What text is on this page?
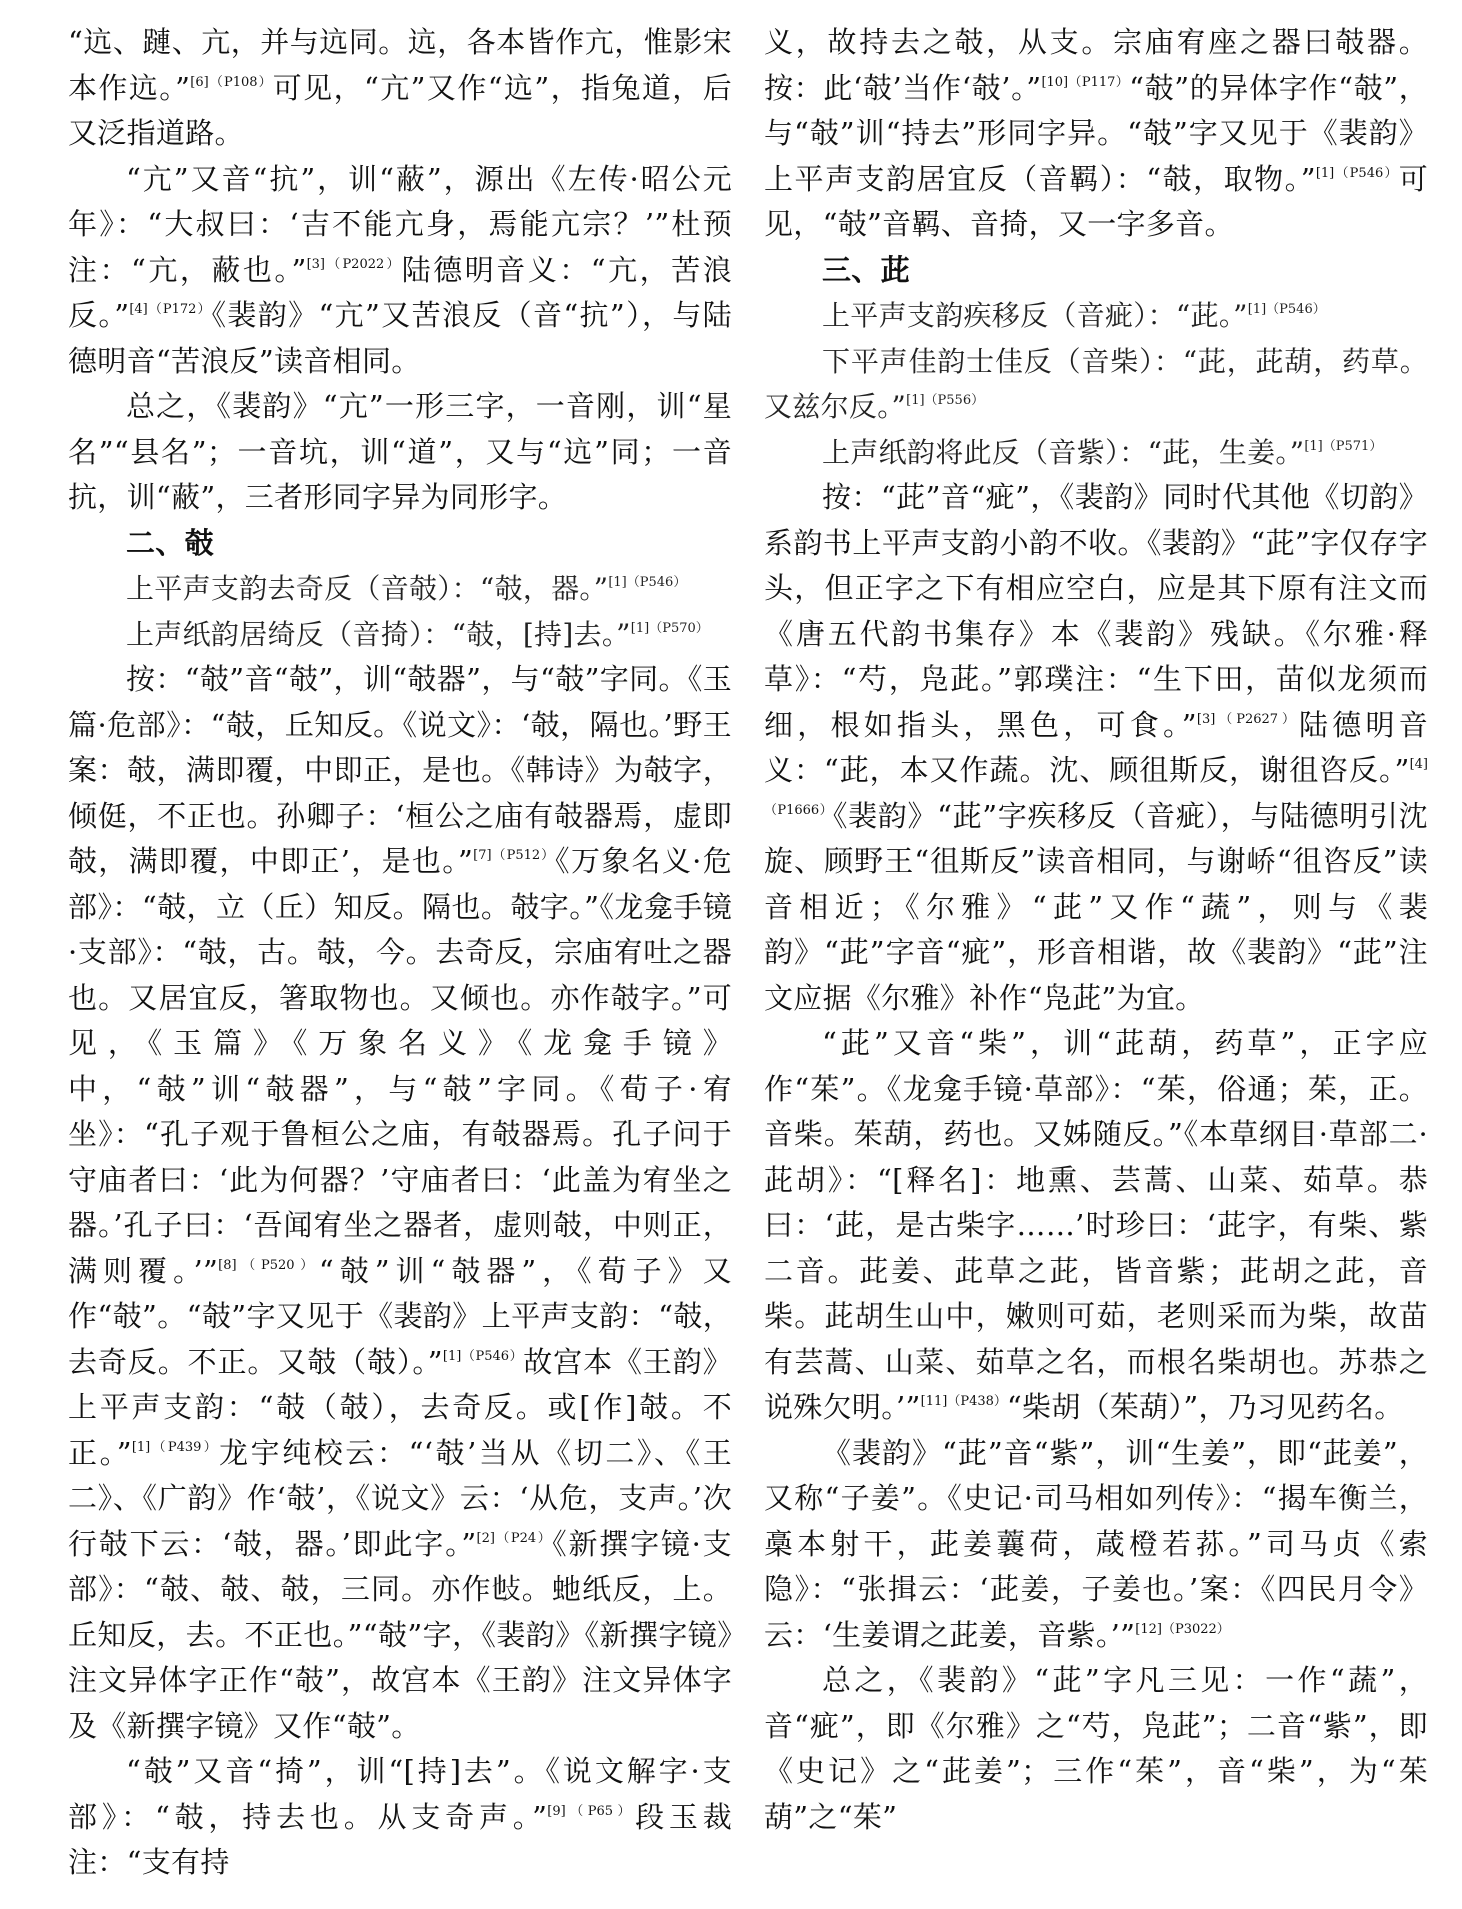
“迒、蹥、亢，并与迒同。迒，各本皆作亢，惟影宋本作迒。”$^{[6](P108)}$可见，“亢”又作“迒”，指兔道，后又泛指道路。

“亢”又音“抗”，训“蔽”，源出《左传·昭公元年》：“大叔曰：‘吉不能亢身，焉能亢宗？’”杜预注：“亢，蔽也。”$^{[3](P2022)}$陆德明音义：“亢，苦浪反。”$^{[4](P172)}$《裴韵》“亢”又苦浪反（音“抗”），与陆德明音“苦浪反”读音相同。

总之，《裴韵》“亢”一形三字，一音刚，训“星名”“县名”；一音坑，训“道”，又与“迒”同；一音抗，训“蔽”，三者形同字异为同形字。

二、攲

上平声支韵去奇反（音攲）：“攲，器。”$^{[1](P546)}$

上声纸韵居绮反（音掎）：“攲，[持]去。”$^{[1](P570)}$

按：“攲”音“攲”，训“攲器”，与“攲”字同。《玉篇·危部》：“攲，丘知反。《说文》：‘攲，隔也。’野王案：攲，满即覆，中即正，是也。《韩诗》为攲字，倾侹，不正也。孙卿子：‘桓公之庙有攲器焉，虚即攲，满即覆，中即正’，是也。”$^{[7](P512)}$《万象名义·危部》：“攲，立（丘）知反。隔也。攲字。”《龙龛手镜·支部》：“攲，古。攲，今。去奇反，宗庙宥吐之器也。又居宜反，箸取物也。又倾也。亦作攲字。”可见，《玉篇》《万象名义》《龙龛手镜》中，“攲”训“攲器”，与“攲”字同。《荀子·宥坐》：“孔子观于鲁桓公之庙，有攲器焉。孔子问于守庙者曰：‘此为何器？’守庙者曰：‘此盖为宥坐之器。’孔子曰：‘吾闻宥坐之器者，虚则攲，中则正，满则覆。’”$^{[8](P520)}$“攲”训“攲器”，《荀子》又作“攲”。“攲”字又见于《裴韵》上平声支韵：“攲，去奇反。不正。又攲（攲）。”$^{[1](P546)}$故宫本《王韵》上平声支韵：“攲（攲），去奇反。或[作]攲。不正。”$^{[1](P439)}$龙宇纯校云：“‘攲’当从《切二》、《王二》、《广韵》作‘攲’，《说文》云：‘从危，支声。’次行攲下云：‘攲，器。’即此字。”$^{[2](P24)}$《新撰字镜·支部》：“攲、攲、攲，三同。亦作𢻫。虵纸反，上。丘知反，去。不正也。”“攲”字，《裴韵》《新撰字镜》注文异体字正作“攲”，故宫本《王韵》注文异体字及《新撰字镜》又作“攲”。

“攲”又音“掎”，训“[持]去”。《说文解字·支部》：“攲，持去也。从支奇声。”$^{[9](P65)}$段玉裁注：“支有持

义，故持去之攲，从支。宗庙宥座之器曰攲器。按：此‘攲’当作‘攲’。”$^{[10](P117)}$“攲”的异体字作“攲”，与“攲”训“持去”形同字异。“攲”字又见于《裴韵》上平声支韵居宜反（音羁）：“攲，取物。”$^{[1](P546)}$可见，“攲”音羁、音掎，又一字多音。

三、茈

上平声支韵疾移反（音疵）：“茈。”$^{[1](P546)}$

下平声佳韵士佳反（音柴）：“茈，茈葫，药草。又兹尔反。”$^{[1](P556)}$

上声纸韵将此反（音紫）：“茈，生姜。”$^{[1](P571)}$

按：“茈”音“疵”，《裴韵》同时代其他《切韵》系韵书上平声支韵小韵不收。《裴韵》“茈”字仅存字头，但正字之下有相应空白，应是其下原有注文而《唐五代韵书集存》本《裴韵》残缺。《尔雅·释草》：“芍，凫茈。”郭璞注：“生下田，苗似龙须而细，根如指头，黑色，可食。”$^{[3](P2627)}$陆德明音义：“茈，本又作蔬。沈、顾徂斯反，谢徂咨反。”$^{[4](P1666)}$《裴韵》“茈”字疾移反（音疵），与陆德明引沈旋、顾野王“徂斯反”读音相同，与谢峤“徂咨反”读音相近；《尔雅》“茈”又作“蔬”，则与《裴韵》“茈”字音“疵”，形音相谐，故《裴韵》“茈”注文应据《尔雅》补作“凫茈”为宜。

“茈”又音“柴”，训“茈葫，药草”，正字应作“茱”。《龙龛手镜·草部》：“茱，俗通；茱，正。音柴。茱葫，药也。又姊随反。”《本草纲目·草部二·茈胡》：“[释名]：地熏、芸蒿、山菜、茹草。恭曰：‘茈，是古柴字……’时珍曰：‘茈字，有柴、紫二音。茈姜、茈草之茈，皆音紫；茈胡之茈，音柴。茈胡生山中，嫩则可茹，老则采而为柴，故苗有芸蒿、山菜、茹草之名，而根名柴胡也。苏恭之说殊欠明。’”$^{[11](P438)}$“柴胡（茱葫）”，乃习见药名。

《裴韵》“茈”音“紫”，训“生姜”，即“茈姜”，又称“子姜”。《史记·司马相如列传》：“揭车衡兰，槀本射干，茈姜蘘荷，葴橙若荪。”司马贞《索隐》：“张揖云：‘茈姜，子姜也。’案：《四民月令》云：‘生姜谓之茈姜，音紫。’”$^{[12](P3022)}$

总之，《裴韵》“茈”字凡三见：一作“蔬”，音“疵”，即《尔雅》之“芍，凫茈”；二音“紫”，即《史记》之“茈姜”；三作“茱”，音“柴”，为“茱葫”之“茱”
